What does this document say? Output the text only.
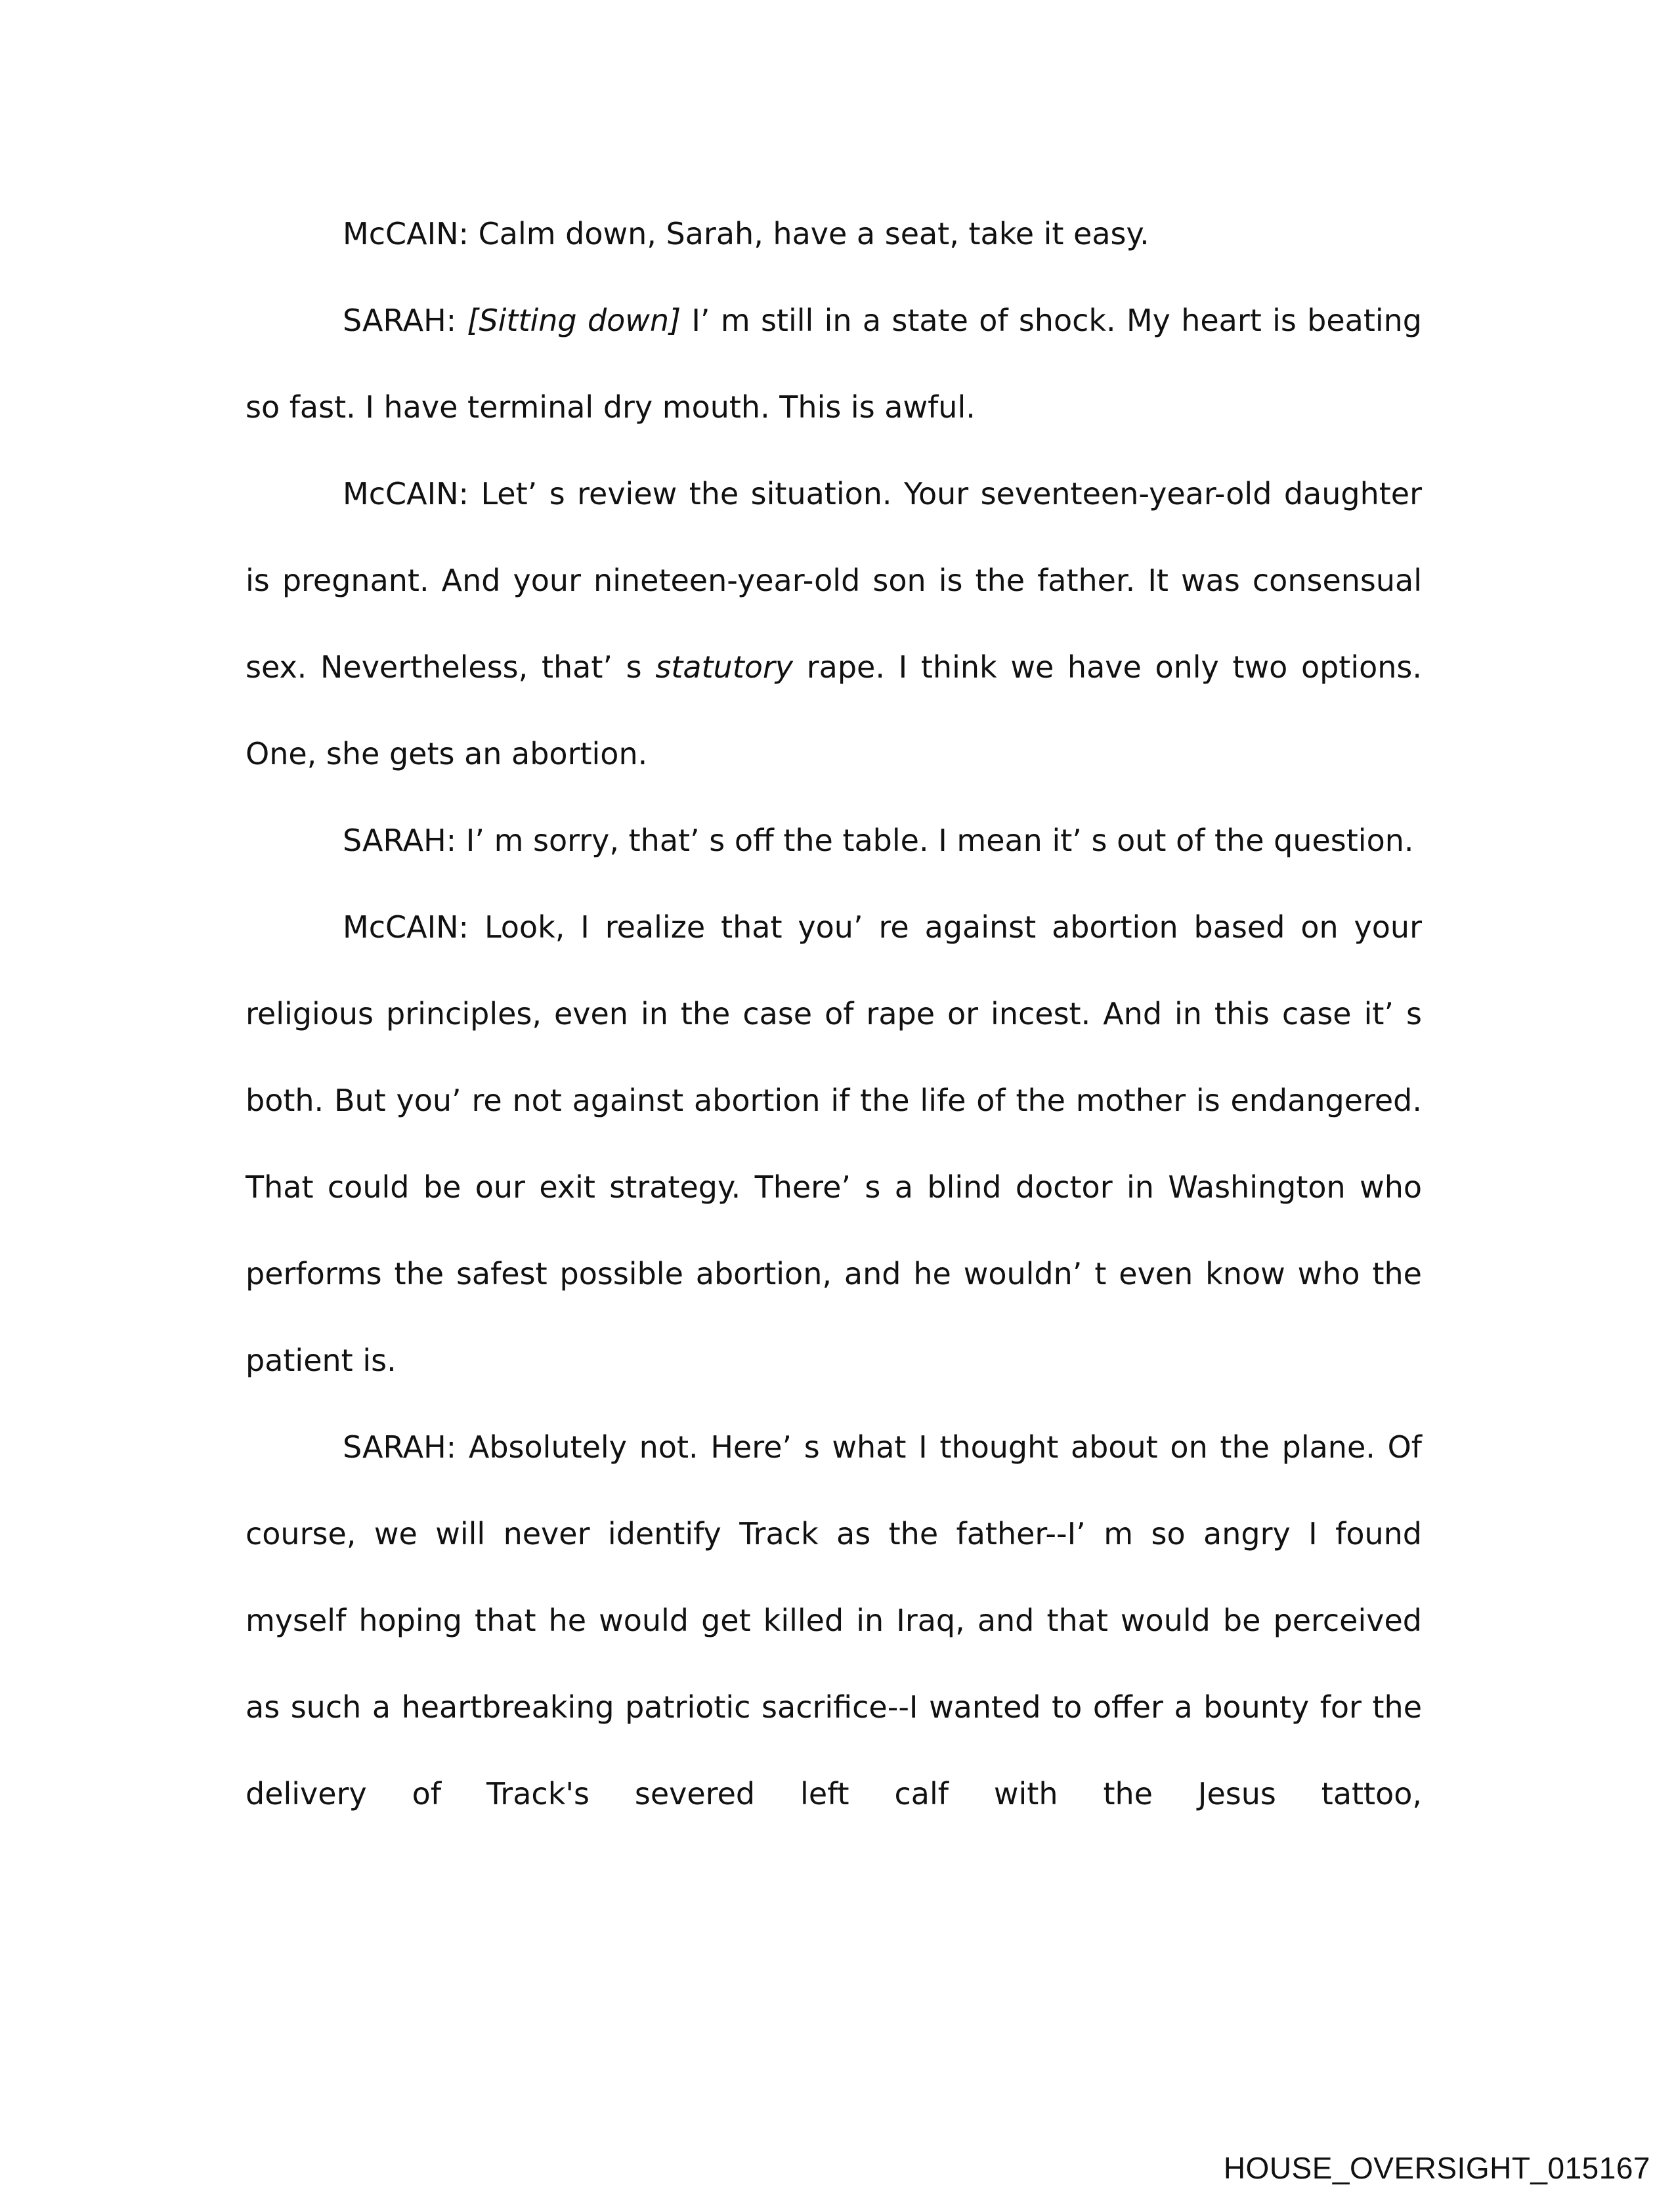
McCAIN: Calm down, Sarah, have a seat, take it easy.

SARAH: [Sitting down] I’ m still in a state of shock. My heart is beating so fast. I have terminal dry mouth. This is awful.

McCAIN: Let’ s review the situation. Your seventeen-year-old daughter is pregnant. And your nineteen-year-old son is the father. It was consensual sex. Nevertheless, that’ s statutory rape. I think we have only two options. One, she gets an abortion.

SARAH: I’ m sorry, that’ s off the table. I mean it’ s out of the question.

McCAIN: Look, I realize that you’ re against abortion based on your religious principles, even in the case of rape or incest. And in this case it’ s both. But you’ re not against abortion if the life of the mother is endangered. That could be our exit strategy. There’ s a blind doctor in Washington who performs the safest possible abortion, and he wouldn’ t even know who the patient is.

SARAH: Absolutely not. Here’ s what I thought about on the plane. Of course, we will never identify Track as the father--I’ m so angry I found myself hoping that he would get killed in Iraq, and that would be perceived as such a heartbreaking patriotic sacrifice--I wanted to offer a bounty for the delivery of Track's severed left calf with the Jesus tattoo,

HOUSE_OVERSIGHT_015167
